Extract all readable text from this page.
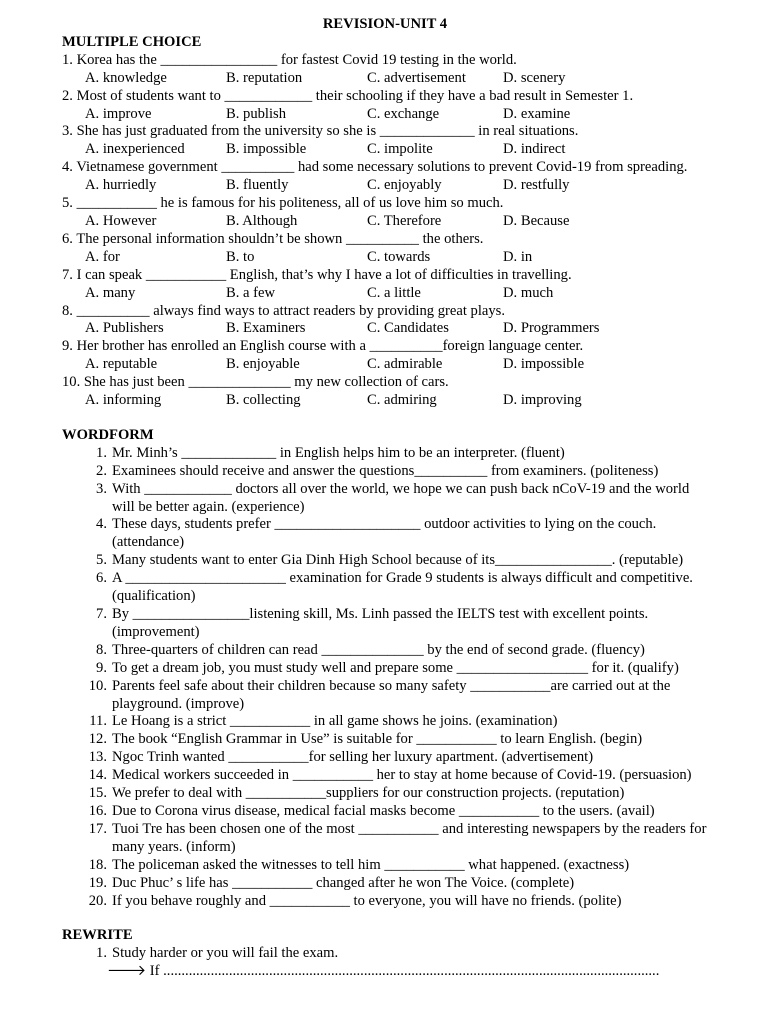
REVISION-UNIT 4
MULTIPLE CHOICE
1. Korea has the ________________ for fastest Covid 19 testing in the world.
A. knowledge	B. reputation	C. advertisement	D. scenery
2. Most of students want to ____________ their schooling if they have a bad result in Semester 1.
A. improve	B. publish	C. exchange	D. examine
3. She has just graduated from the university so she is _____________ in real situations.
A. inexperienced	B. impossible	C. impolite	D. indirect
4. Vietnamese government __________ had some necessary solutions to prevent Covid-19 from spreading.
A. hurriedly	B. fluently	C. enjoyably	D. restfully
5. ___________ he is famous for his politeness, all of us love him so much.
A. However	B. Although	C. Therefore	D. Because
6. The personal information shouldn’t be shown __________ the others.
A. for	B. to	C. towards	D. in
7. I can speak ___________ English, that’s why I have a lot of difficulties in travelling.
A. many	B. a few	C. a little	D. much
8. __________ always find ways to attract readers by providing great plays.
A. Publishers	B. Examiners	C. Candidates	D. Programmers
9. Her brother has enrolled an English course with a __________foreign language center.
A. reputable	B. enjoyable	C. admirable	D. impossible
10. She has just been ______________ my new collection of cars.
A. informing	B. collecting	C. admiring	D. improving
WORDFORM
1. Mr. Minh’s _____________ in English helps him to be an interpreter. (fluent)
2. Examinees should receive and answer the questions__________ from examiners. (politeness)
3. With ____________ doctors all over the world, we hope we can push back nCoV-19 and the world will be better again. (experience)
4. These days, students prefer ____________________ outdoor activities to lying on the couch. (attendance)
5. Many students want to enter Gia Dinh High School because of its________________. (reputable)
6. A ______________________ examination for Grade 9 students is always difficult and competitive. (qualification)
7. By ________________listening skill, Ms. Linh passed the IELTS test with excellent points. (improvement)
8. Three-quarters of children can read ______________ by the end of second grade. (fluency)
9. To get a dream job, you must study well and prepare some __________________ for it. (qualify)
10. Parents feel safe about their children because so many safety ___________are carried out at the playground. (improve)
11. Le Hoang is a strict ___________ in all game shows he joins. (examination)
12. The book “English Grammar in Use” is suitable for ___________ to learn English. (begin)
13. Ngoc Trinh wanted ___________for selling her luxury apartment. (advertisement)
14. Medical workers succeeded in ___________ her to stay at home because of Covid-19. (persuasion)
15. We prefer to deal with ___________suppliers for our construction projects. (reputation)
16. Due to Corona virus disease, medical facial masks become ___________ to the users. (avail)
17. Tuoi Tre has been chosen one of the most ___________ and interesting newspapers by the readers for many years. (inform)
18. The policeman asked the witnesses to tell him ___________ what happened. (exactness)
19. Duc Phuc’ s life has ___________ changed after he won The Voice. (complete)
20. If you behave roughly and ___________ to everyone, you will have no friends. (polite)
REWRITE
1. Study harder or you will fail the exam.
🡒 If ........................................................................................................................................
